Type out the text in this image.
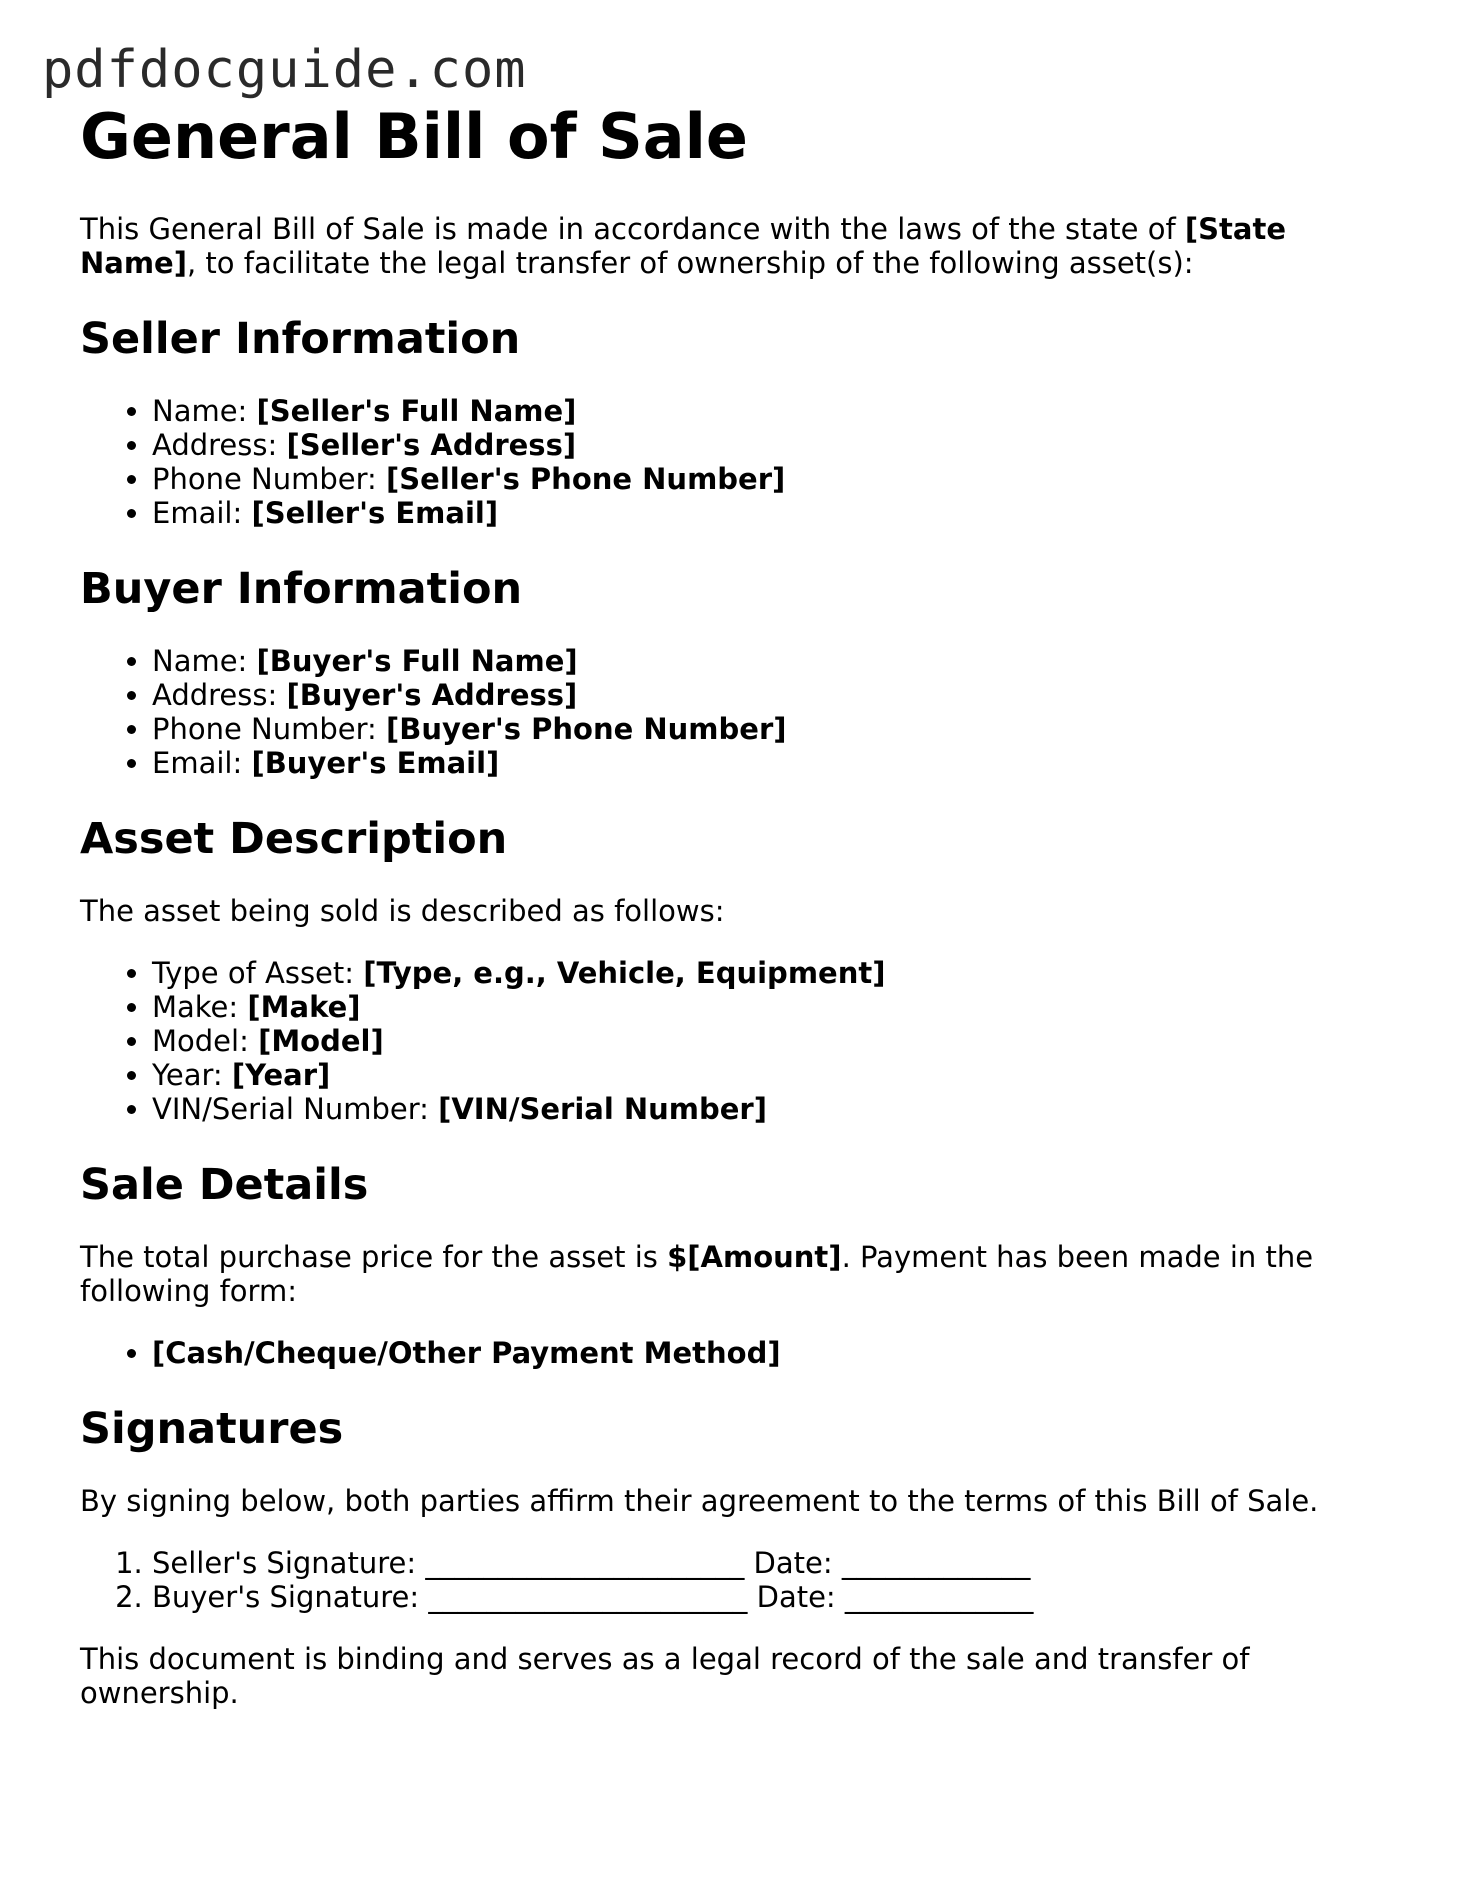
pdfdocguide.com
General Bill of Sale

This General Bill of Sale is made in accordance with the laws of the state of [State Name], to facilitate the legal transfer of ownership of the following asset(s):

Seller Information
• Name: [Seller's Full Name]
• Address: [Seller's Address]
• Phone Number: [Seller's Phone Number]
• Email: [Seller's Email]
Buyer Information
• Name: [Buyer's Full Name]
• Address: [Buyer's Address]
• Phone Number: [Buyer's Phone Number]
• Email: [Buyer's Email]
Asset Description

The asset being sold is described as follows:

• Type of Asset: [Type, e.g., Vehicle, Equipment]
• Make: [Make]
• Model: [Model]
• Year: [Year]
• VIN/Serial Number: [VIN/Serial Number]
Sale Details

The total purchase price for the asset is $[Amount]. Payment has been made in the following form:

• [Cash/Cheque/Other Payment Method]
Signatures

By signing below, both parties affirm their agreement to the terms of this Bill of Sale.

1. Seller's Signature: ______________________ Date: _____________
2. Buyer's Signature: ______________________ Date: _____________

This document is binding and serves as a legal record of the sale and transfer of ownership.
